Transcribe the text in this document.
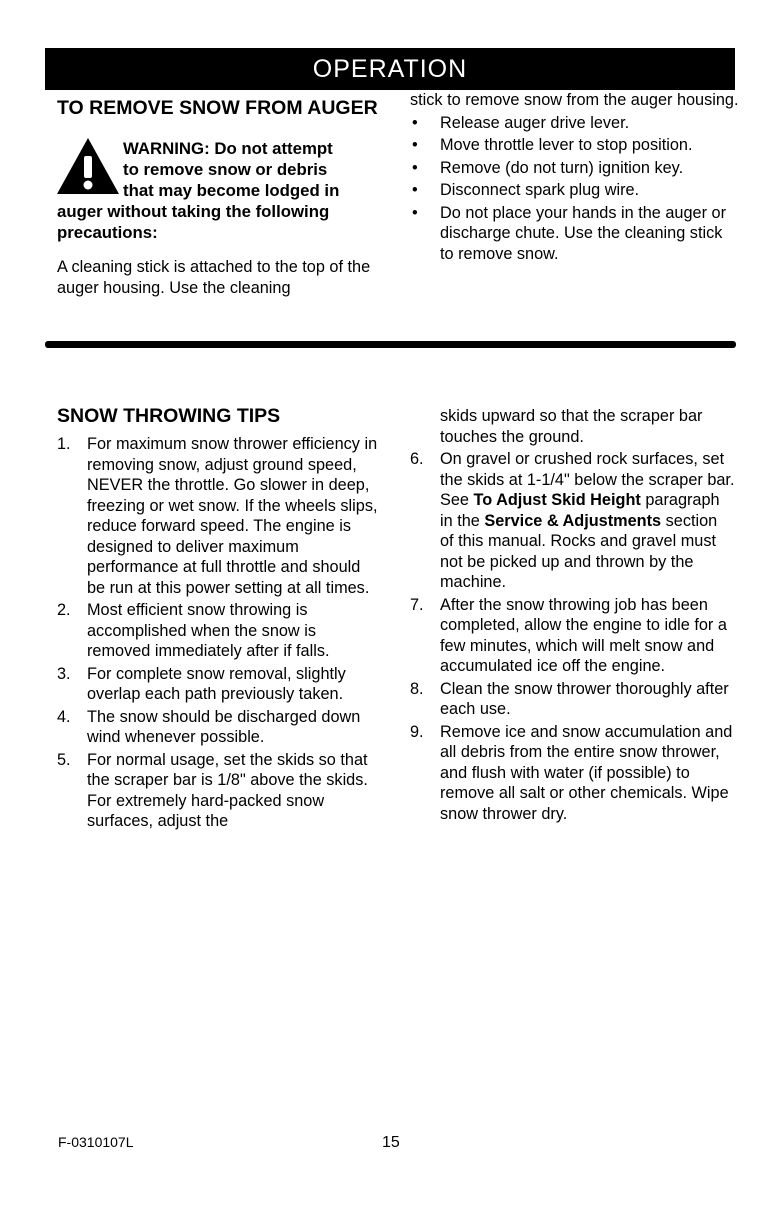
OPERATION
TO REMOVE SNOW FROM AUGER
WARNING: Do not attempt
to remove snow or debris
that may become lodged in
auger without taking the following
precautions:

A cleaning stick is attached to the top of the auger housing. Use the cleaning

stick to remove snow from the auger housing.

• Release auger drive lever.
• Move throttle lever to stop position.
• Remove (do not turn) ignition key.
• Disconnect spark plug wire.
• Do not place your hands in the auger or discharge chute. Use the cleaning stick to remove snow.
SNOW THROWING TIPS
1. For maximum snow thrower efficiency in removing snow, adjust ground speed, NEVER the throttle. Go slower in deep, freezing or wet snow. If the wheels slips, reduce forward speed. The engine is designed to deliver maximum performance at full throttle and should be run at this power setting at all times.
2. Most efficient snow throwing is accomplished when the snow is removed immediately after if falls.
3. For complete snow removal, slightly overlap each path previously taken.
4. The snow should be discharged down wind whenever possible.
5. For normal usage, set the skids so that the scraper bar is 1/8" above the skids. For extremely hard-packed snow surfaces, adjust the

skids upward so that the scraper bar touches the ground.

6. On gravel or crushed rock surfaces, set the skids at 1-1/4" below the scraper bar. See To Adjust Skid Height paragraph in the Service & Adjustments section of this manual. Rocks and gravel must not be picked up and thrown by the machine.
7. After the snow throwing job has been completed, allow the engine to idle for a few minutes, which will melt snow and accumulated ice off the engine.
8. Clean the snow thrower thoroughly after each use.
9. Remove ice and snow accumulation and all debris from the entire snow thrower, and flush with water (if possible) to remove all salt or other chemicals. Wipe snow thrower dry.
F-0310107L	15
